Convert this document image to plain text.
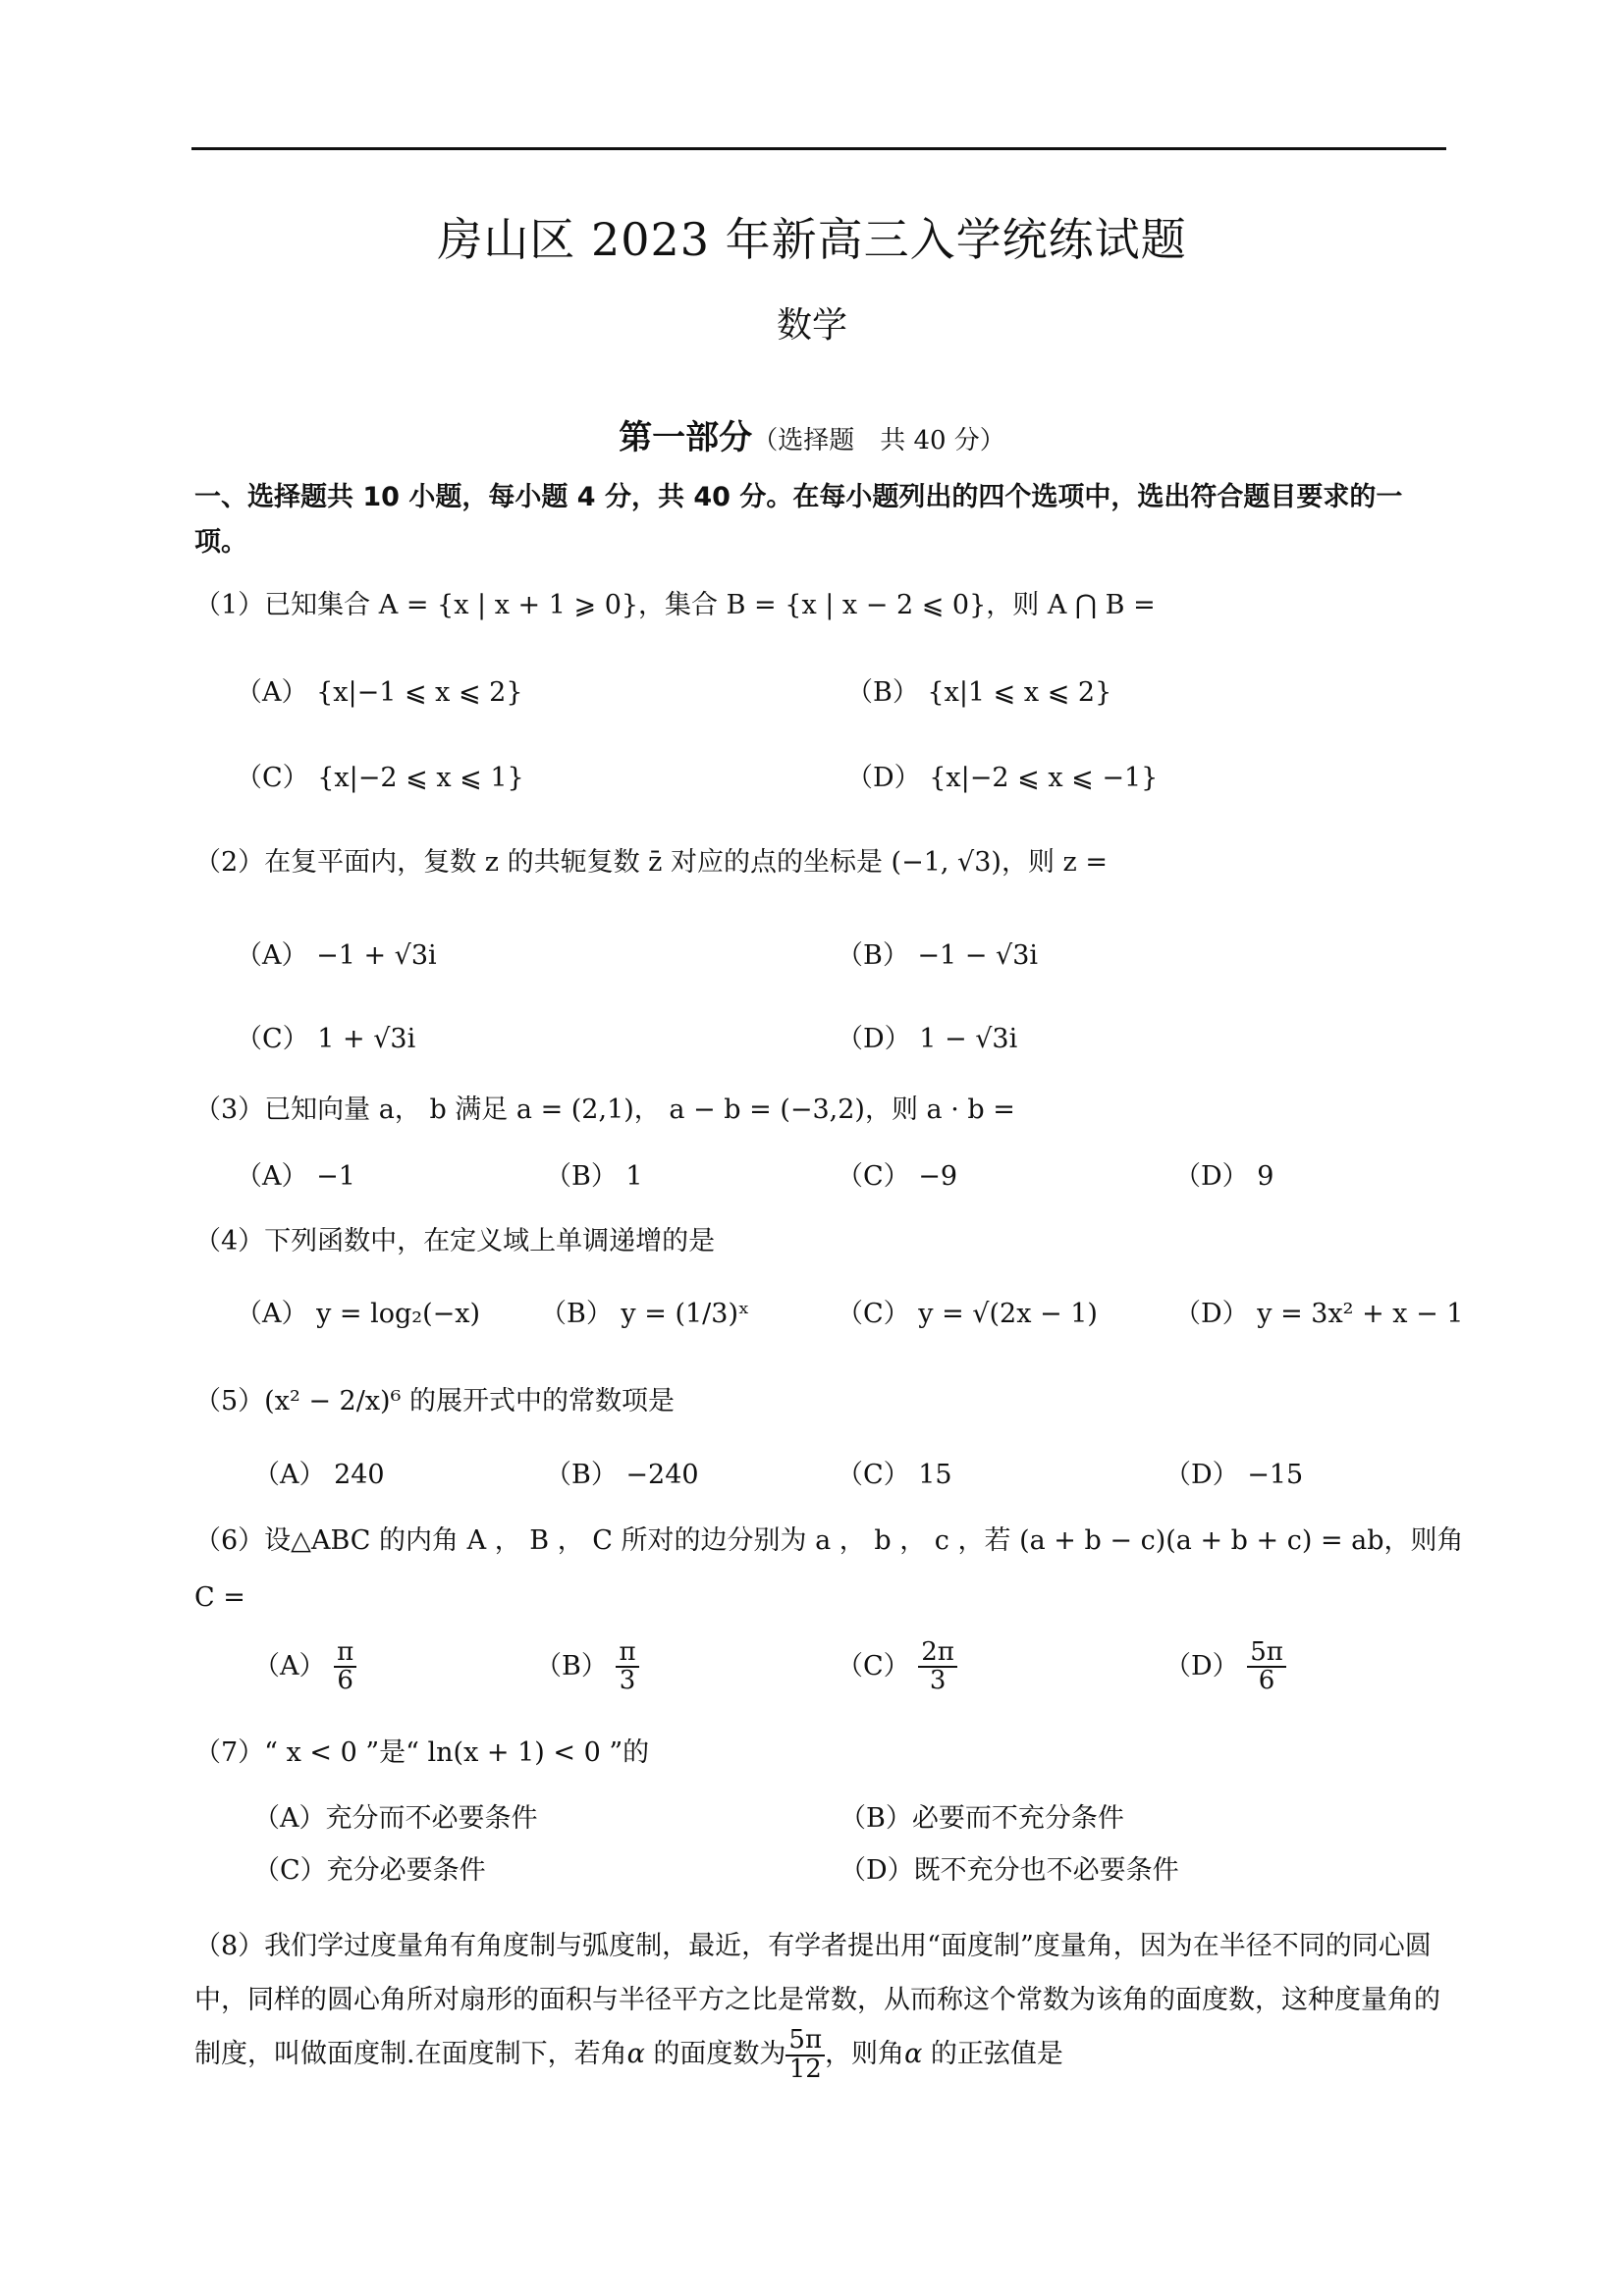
房山区 2023 年新高三入学统练试题
数学
第一部分（选择题　共 40 分）
一、选择题共 10 小题，每小题 4 分，共 40 分。在每小题列出的四个选项中，选出符合题目要求的一项。
（1）已知集合 A = {x | x + 1 ⩾ 0}，集合 B = {x | x − 2 ⩽ 0}，则 A ⋂ B =
（A） {x|−1 ⩽ x ⩽ 2}	（B） {x|1 ⩽ x ⩽ 2}
（C） {x|−2 ⩽ x ⩽ 1}	（D） {x|−2 ⩽ x ⩽ −1}
（2）在复平面内，复数 z 的共轭复数 z̄ 对应的点的坐标是 (−1, √3)，则 z =
（A） −1 + √3i	（B） −1 − √3i
（C） 1 + √3i	（D） 1 − √3i
（3）已知向量 a， b 满足 a = (2,1)， a − b = (−3,2)，则 a · b =
（A） −1	（B） 1	（C） −9	（D） 9
（4）下列函数中，在定义域上单调递增的是
（A） y = log₂(−x) （B） y = (1/3)ˣ	（C） y = √(2x − 1)	（D） y = 3x² + x − 1
（5）(x² − 2/x)⁶ 的展开式中的常数项是
（A） 240	（B） −240	（C） 15	（D） −15
（6）设△ABC 的内角 A ， B ， C 所对的边分别为 a ， b ， c ，若 (a + b − c)(a + b + c) = ab，则角
C =
$(A) \frac{\pi}{6}$	$(B) \frac{\pi}{3}$	$(C) \frac{2\pi}{3}$	$(D) \frac{5\pi}{6}$
（7）“ x < 0 ”是“ ln(x + 1) < 0 ”的
（A）充分而不必要条件	（B）必要而不充分条件
（C）充分必要条件	（D）既不充分也不必要条件
（8）我们学过度量角有角度制与弧度制，最近，有学者提出用“面度制”度量角，因为在半径不同的同心圆中，同样的圆心角所对扇形的面积与半径平方之比是常数，从而称这个常数为该角的面度数，这种度量角的制度，叫做面度制.在面度制下，若角α 的面度数为 $\frac{5\pi}{12}$ ，则角α 的正弦值是
